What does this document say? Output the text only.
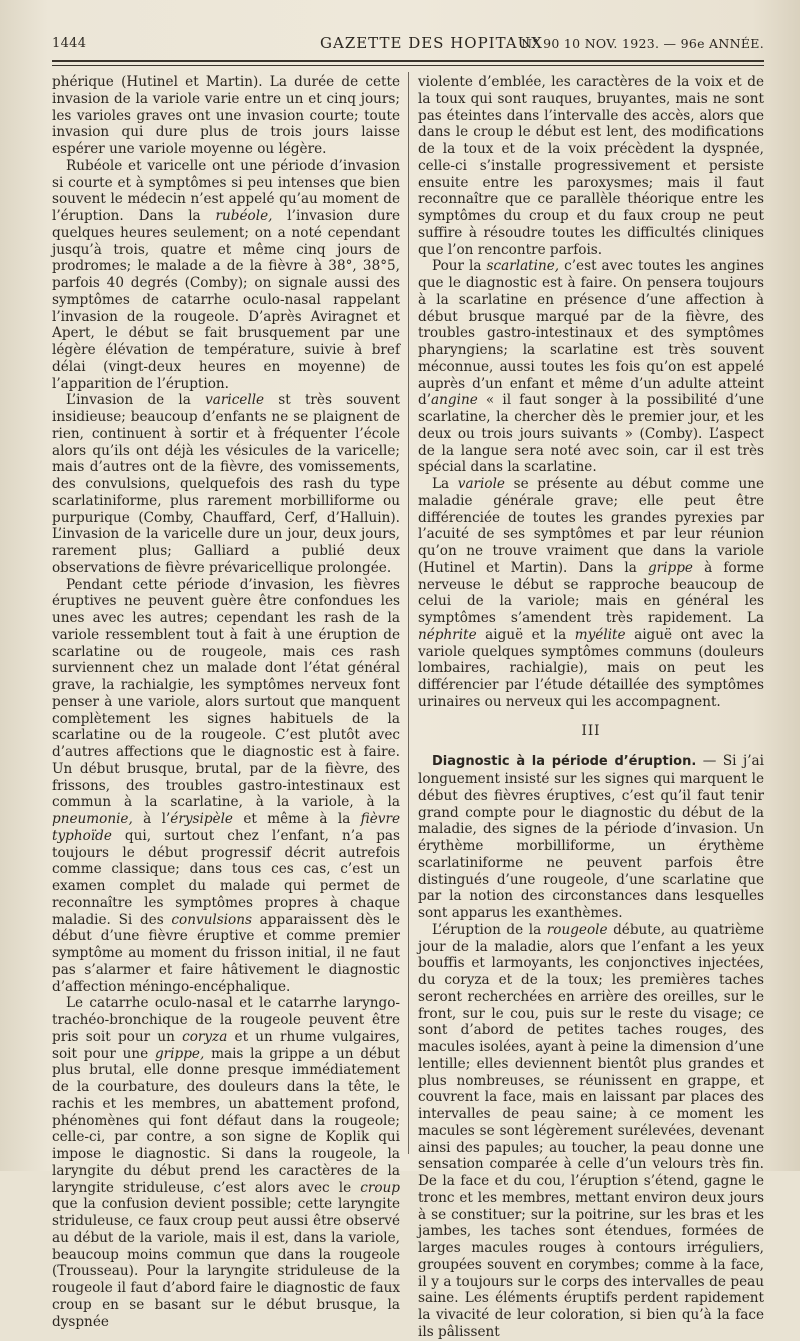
1444	GAZETTE DES HOPITAUX
N° 90 10 NOV. 1923. — 96e ANNÉE.

phérique (Hutinel et Martin). La durée de cette invasion de la variole varie entre un et cinq jours; les varioles graves ont une invasion courte; toute invasion qui dure plus de trois jours laisse espérer une variole moyenne ou légère.

Rubéole et varicelle ont une période d’invasion si courte et à symptômes si peu intenses que bien souvent le médecin n’est appelé qu’au moment de l’éruption. Dans la rubéole, l’invasion dure quelques heures seulement; on a noté cependant jusqu’à trois, quatre et même cinq jours de prodromes; le malade a de la fièvre à 38°, 38°5, parfois 40 degrés (Comby); on signale aussi des symptômes de catarrhe oculo-nasal rappelant l’invasion de la rougeole. D’après Aviragnet et Apert, le début se fait brusquement par une légère élévation de température, suivie à bref délai (vingt-deux heures en moyenne) de l’apparition de l’éruption.

L’invasion de la varicelle st très souvent insidieuse; beaucoup d’enfants ne se plaignent de rien, continuent à sortir et à fréquenter l’école alors qu’ils ont déjà les vésicules de la varicelle; mais d’autres ont de la fièvre, des vomissements, des convulsions, quelquefois des rash du type scarlatiniforme, plus rarement morbilliforme ou purpurique (Comby, Chauffard, Cerf, d’Halluin). L’invasion de la varicelle dure un jour, deux jours, rarement plus; Galliard a publié deux observations de fièvre prévaricellique prolongée.

Pendant cette période d’invasion, les fièvres éruptives ne peuvent guère être confondues les unes avec les autres; cependant les rash de la variole ressemblent tout à fait à une éruption de scarlatine ou de rougeole, mais ces rash surviennent chez un malade dont l’état général grave, la rachialgie, les symptômes nerveux font penser à une variole, alors surtout que manquent complètement les signes habituels de la scarlatine ou de la rougeole. C’est plutôt avec d’autres affections que le diagnostic est à faire. Un début brusque, brutal, par de la fièvre, des frissons, des troubles gastro-intestinaux est commun à la scarlatine, à la variole, à la pneumonie, à l’érysipèle et même à la fièvre typhoïde qui, surtout chez l’enfant, n’a pas toujours le début progressif décrit autrefois comme classique; dans tous ces cas, c’est un examen complet du malade qui permet de reconnaître les symptômes propres à chaque maladie. Si des convulsions apparaissent dès le début d’une fièvre éruptive et comme premier symptôme au moment du frisson initial, il ne faut pas s’alarmer et faire hâtivement le diagnostic d’affection méningo-encéphalique.

Le catarrhe oculo-nasal et le catarrhe laryngo-trachéo-bronchique de la rougeole peuvent être pris soit pour un coryza et un rhume vulgaires, soit pour une grippe, mais la grippe a un début plus brutal, elle donne presque immédiatement de la courbature, des douleurs dans la tête, le rachis et les membres, un abattement profond, phénomènes qui font défaut dans la rougeole; celle-ci, par contre, a son signe de Koplik qui impose le diagnostic. Si dans la rougeole, la laryngite du début prend les caractères de la laryngite striduleuse, c’est alors avec le croup que la confusion devient possible; cette laryngite striduleuse, ce faux croup peut aussi être observé au début de la variole, mais il est, dans la variole, beaucoup moins commun que dans la rougeole (Trousseau). Pour la laryngite striduleuse de la rougeole il faut d’abord faire le diagnostic de faux croup en se basant sur le début brusque, la dyspnée

violente d’emblée, les caractères de la voix et de la toux qui sont rauques, bruyantes, mais ne sont pas éteintes dans l’intervalle des accès, alors que dans le croup le début est lent, des modifications de la toux et de la voix précèdent la dyspnée, celle-ci s’installe progressivement et persiste ensuite entre les paroxysmes; mais il faut reconnaître que ce parallèle théorique entre les symptômes du croup et du faux croup ne peut suffire à résoudre toutes les difficultés cliniques que l’on rencontre parfois.

Pour la scarlatine, c’est avec toutes les angines que le diagnostic est à faire. On pensera toujours à la scarlatine en présence d’une affection à début brusque marqué par de la fièvre, des troubles gastro-intestinaux et des symptômes pharyngiens; la scarlatine est très souvent méconnue, aussi toutes les fois qu’on est appelé auprès d’un enfant et même d’un adulte atteint d’angine « il faut songer à la possibilité d’une scarlatine, la chercher dès le premier jour, et les deux ou trois jours suivants » (Comby). L’aspect de la langue sera noté avec soin, car il est très spécial dans la scarlatine.

La variole se présente au début comme une maladie générale grave; elle peut être différenciée de toutes les grandes pyrexies par l’acuité de ses symptômes et par leur réunion qu’on ne trouve vraiment que dans la variole (Hutinel et Martin). Dans la grippe à forme nerveuse le début se rapproche beaucoup de celui de la variole; mais en général les symptômes s’amendent très rapidement. La néphrite aiguë et la myélite aiguë ont avec la variole quelques symptômes communs (douleurs lombaires, rachialgie), mais on peut les différencier par l’étude détaillée des symptômes urinaires ou nerveux qui les accompagnent.

III

Diagnostic à la période d’éruption. — Si j’ai longuement insisté sur les signes qui marquent le début des fièvres éruptives, c’est qu’il faut tenir grand compte pour le diagnostic du début de la maladie, des signes de la période d’invasion. Un érythème morbilliforme, un érythème scarlatiniforme ne peuvent parfois être distingués d’une rougeole, d’une scarlatine que par la notion des circonstances dans lesquelles sont apparus les exanthèmes.

L’éruption de la rougeole débute, au quatrième jour de la maladie, alors que l’enfant a les yeux bouffis et larmoyants, les conjonctives injectées, du coryza et de la toux; les premières taches seront recherchées en arrière des oreilles, sur le front, sur le cou, puis sur le reste du visage; ce sont d’abord de petites taches rouges, des macules isolées, ayant à peine la dimension d’une lentille; elles deviennent bientôt plus grandes et plus nombreuses, se réunissent en grappe, et couvrent la face, mais en laissant par places des intervalles de peau saine; à ce moment les macules se sont légèrement surélevées, devenant ainsi des papules; au toucher, la peau donne une sensation comparée à celle d’un velours très fin. De la face et du cou, l’éruption s’étend, gagne le tronc et les membres, mettant environ deux jours à se constituer; sur la poitrine, sur les bras et les jambes, les taches sont étendues, formées de larges macules rouges à contours irréguliers, groupées souvent en corymbes; comme à la face, il y a toujours sur le corps des intervalles de peau saine. Les éléments éruptifs perdent rapidement la vivacité de leur coloration, si bien qu’à la face ils pâlissent
